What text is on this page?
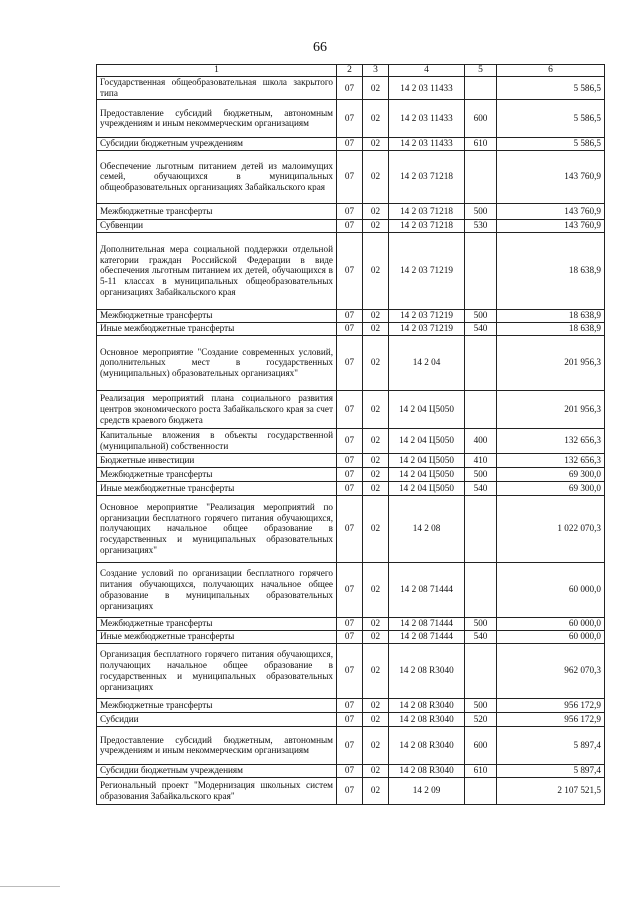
66
1	2	3	4	5	6
Государственная общеобразовательная школа закрытого типа	07	02	14 2 03 11433		5 586,5
Предоставление субсидий бюджетным, автономным учреждениям и иным некоммерческим организациям	07	02	14 2 03 11433	600	5 586,5
Субсидии бюджетным учреждениям	07	02	14 2 03 11433	610	5 586,5
Обеспечение льготным питанием детей из малоимущих семей, обучающихся в муниципальных общеобразовательных организациях Забайкальского края	07	02	14 2 03 71218		143 760,9
Межбюджетные трансферты	07	02	14 2 03 71218	500	143 760,9
Субвенции	07	02	14 2 03 71218	530	143 760,9
Дополнительная мера социальной поддержки отдельной категории граждан Российской Федерации в виде обеспечения льготным питанием их детей, обучающихся в 5-11 классах в муниципальных общеобразовательных организациях Забайкальского края	07	02	14 2 03 71219		18 638,9
Межбюджетные трансферты	07	02	14 2 03 71219	500	18 638,9
Иные межбюджетные трансферты	07	02	14 2 03 71219	540	18 638,9
Основное мероприятие "Создание современных условий, дополнительных мест в государственных (муниципальных) образовательных организациях"	07	02	14 2 04		201 956,3
Реализация мероприятий плана социального развития центров экономического роста Забайкальского края за счет средств краевого бюджета	07	02	14 2 04 Ц5050		201 956,3
Капитальные вложения в объекты государственной (муниципальной) собственности	07	02	14 2 04 Ц5050	400	132 656,3
Бюджетные инвестиции	07	02	14 2 04 Ц5050	410	132 656,3
Межбюджетные трансферты	07	02	14 2 04 Ц5050	500	69 300,0
Иные межбюджетные трансферты	07	02	14 2 04 Ц5050	540	69 300,0
Основное мероприятие "Реализация мероприятий по организации бесплатного горячего питания обучающихся, получающих начальное общее образование в государственных и муниципальных образовательных организациях"	07	02	14 2 08		1 022 070,3
Создание условий по организации бесплатного горячего питания обучающихся, получающих начальное общее образование в муниципальных образовательных организациях	07	02	14 2 08 71444		60 000,0
Межбюджетные трансферты	07	02	14 2 08 71444	500	60 000,0
Иные межбюджетные трансферты	07	02	14 2 08 71444	540	60 000,0
Организация бесплатного горячего питания обучающихся, получающих начальное общее образование в государственных и муниципальных образовательных организациях	07	02	14 2 08 R3040		962 070,3
Межбюджетные трансферты	07	02	14 2 08 R3040	500	956 172,9
Субсидии	07	02	14 2 08 R3040	520	956 172,9
Предоставление субсидий бюджетным, автономным учреждениям и иным некоммерческим организациям	07	02	14 2 08 R3040	600	5 897,4
Субсидии бюджетным учреждениям	07	02	14 2 08 R3040	610	5 897,4
Региональный проект "Модернизация школьных систем образования Забайкальского края"	07	02	14 2 09		2 107 521,5
